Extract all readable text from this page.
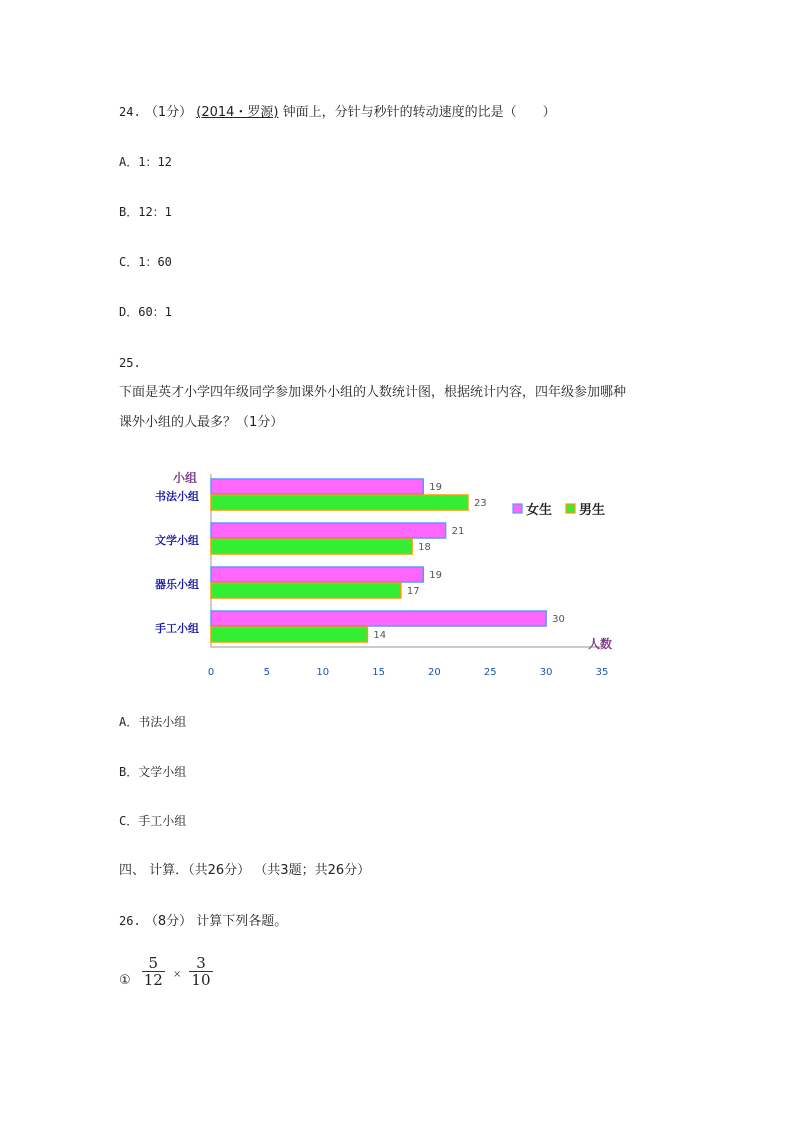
24. （1分） (2014・罗源) 钟面上，分针与秒针的转动速度的比是（　　）
A．1：12
B．12：1
C．1：60
D．60：1
25.
下面是英才小学四年级同学参加课外小组的人数统计图，根据统计内容，四年级参加哪种
课外小组的人最多？（1分）
小组
书法小组
19
23
文学小组
21
18
器乐小组
19
17
手工小组
30
14
0	5	10	15	20	25	30	35
人数
女生 男生
A．书法小组
B．文学小组
C．手工小组
四、 计算．（共26分） （共3题；共26分）
26. （8分） 计算下列各题。
$_① \frac{5}{12} \times \frac{3}{10}$
